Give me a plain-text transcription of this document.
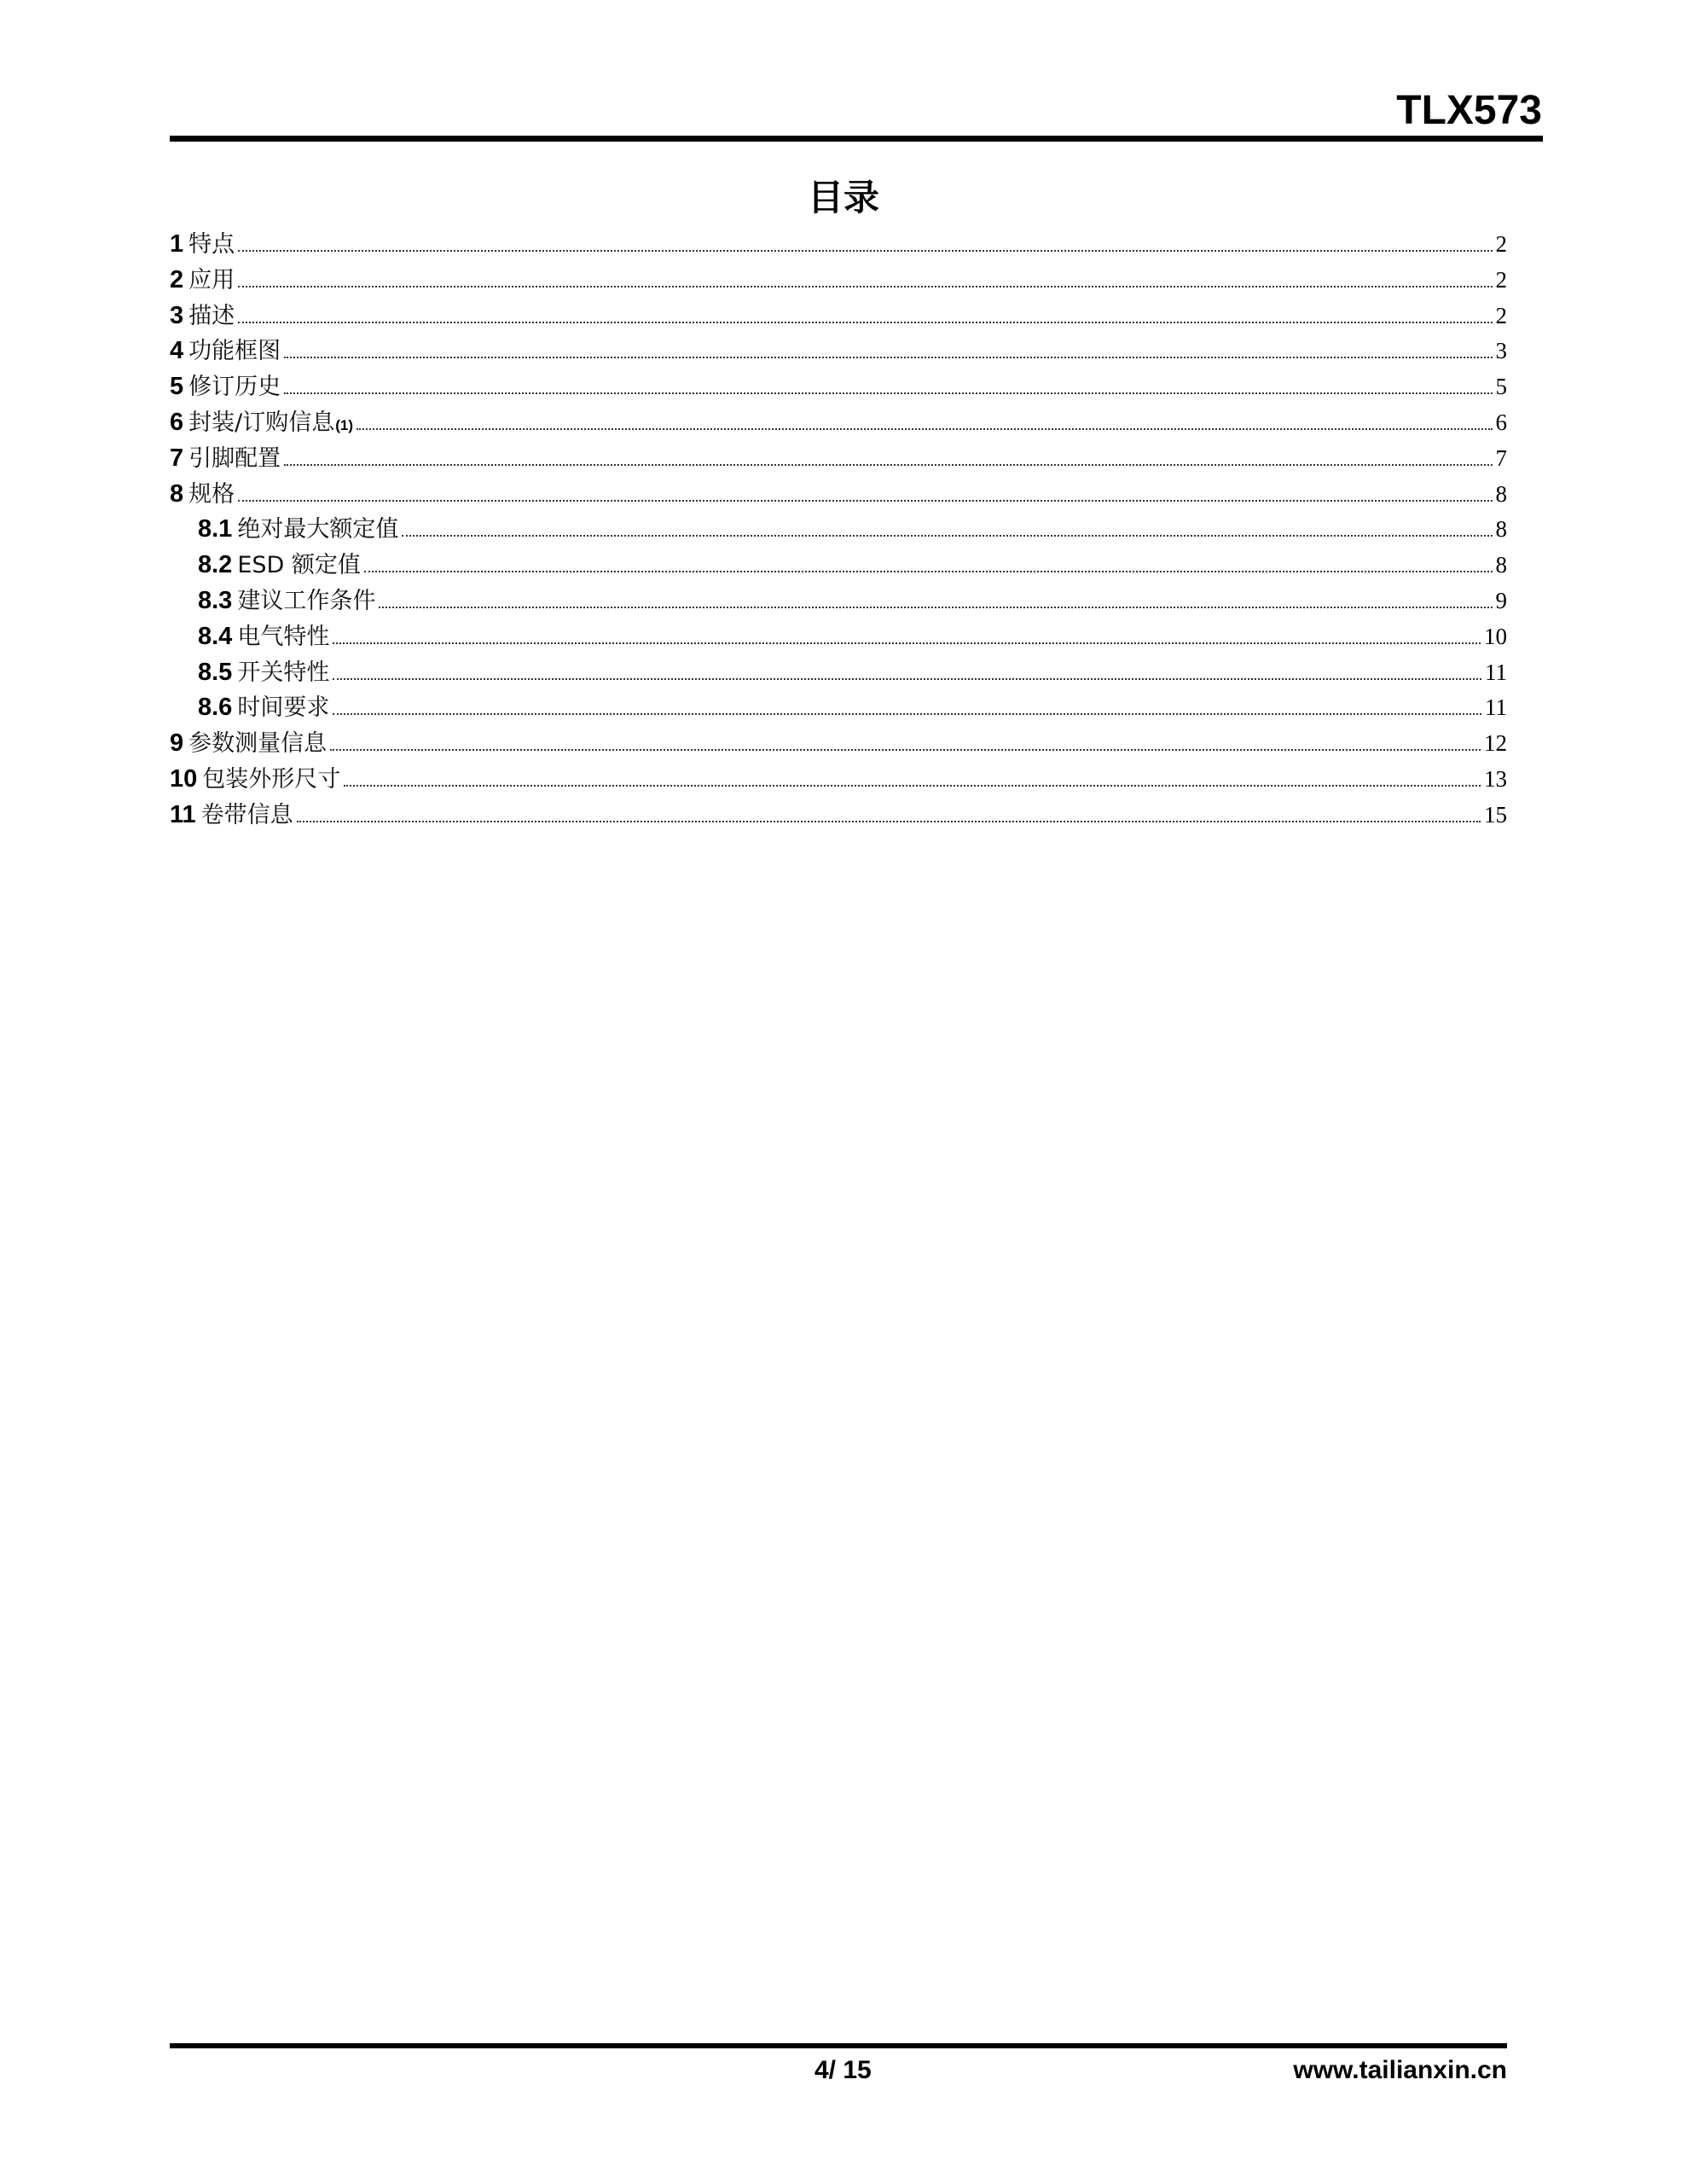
TLX573
目录
1 特点	2
2 应用	2
3 描述	2
4 功能框图	3
5 修订历史	5
6 封装/订购信息 (1)	6
7 引脚配置	7
8 规格	8
8.1 绝对最大额定值	8
8.2 ESD 额定值	8
8.3 建议工作条件	9
8.4 电气特性	10
8.5 开关特性	11
8.6 时间要求	11
9 参数测量信息	12
10 包装外形尺寸	13
11 卷带信息	15
4/ 15	www.tailianxin.cn
